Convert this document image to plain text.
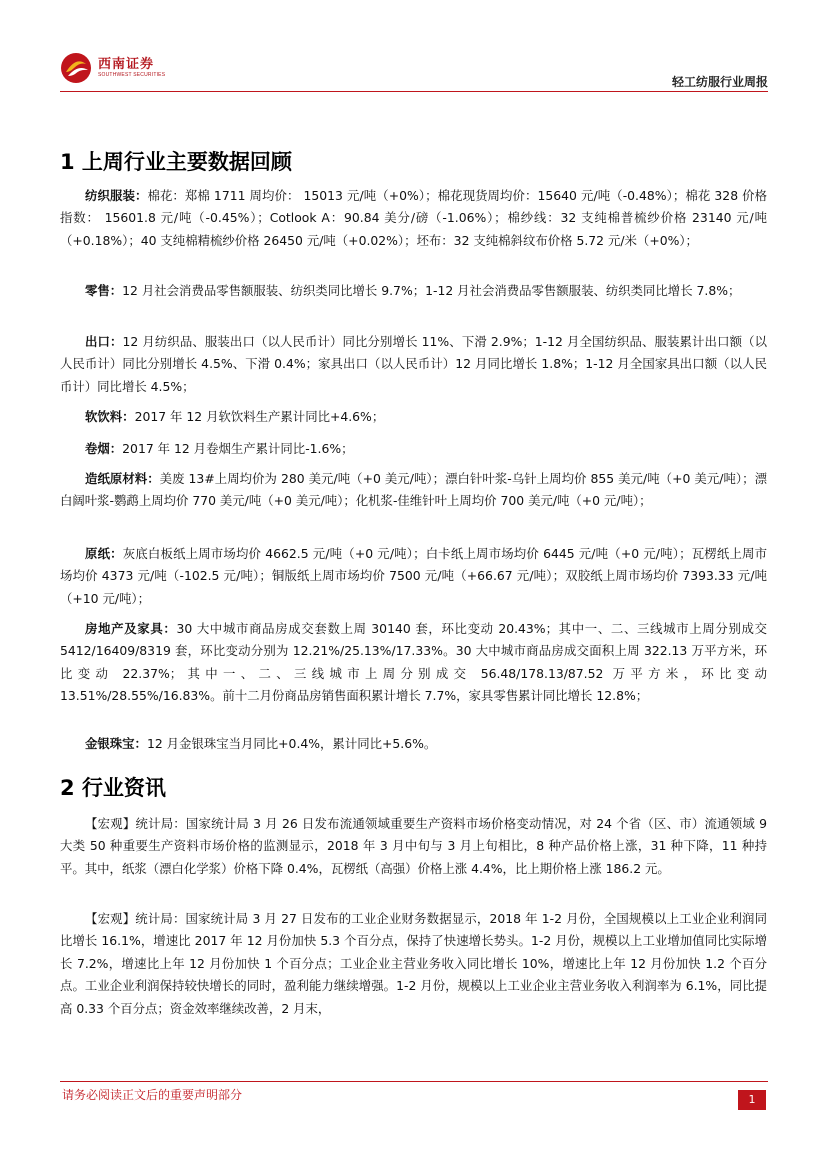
西南证券
SOUTHWEST SECURITIES	轻工纺服行业周报
1 上周行业主要数据回顾
纺织服装：棉花：郑棉 1711 周均价： 15013 元/吨（+0%）；棉花现货周均价：15640 元/吨（-0.48%）；棉花 328 价格指数： 15601.8 元/吨（-0.45%）；Cotlook A：90.84 美分/磅（-1.06%）；棉纱线：32 支纯棉普梳纱价格 23140 元/吨（+0.18%）；40 支纯棉精梳纱价格 26450 元/吨（+0.02%）；坯布：32 支纯棉斜纹布价格 5.72 元/米（+0%）；
零售：12 月社会消费品零售额服装、纺织类同比增长 9.7%；1-12 月社会消费品零售额服装、纺织类同比增长 7.8%；
出口：12 月纺织品、服装出口（以人民币计）同比分别增长 11%、下滑 2.9%；1-12 月全国纺织品、服装累计出口额（以人民币计）同比分别增长 4.5%、下滑 0.4%；家具出口（以人民币计）12 月同比增长 1.8%；1-12 月全国家具出口额（以人民币计）同比增长 4.5%；
软饮料：2017 年 12 月软饮料生产累计同比+4.6%；
卷烟：2017 年 12 月卷烟生产累计同比-1.6%；
造纸原材料：美废 13#上周均价为 280 美元/吨（+0 美元/吨）；漂白针叶浆-乌针上周均价 855 美元/吨（+0 美元/吨）；漂白阔叶浆-鹦鹉上周均价 770 美元/吨（+0 美元/吨）；化机浆-佳维针叶上周均价 700 美元/吨（+0 元/吨）；
原纸：灰底白板纸上周市场均价 4662.5 元/吨（+0 元/吨）；白卡纸上周市场均价 6445 元/吨（+0 元/吨）；瓦楞纸上周市场均价 4373 元/吨（-102.5 元/吨）；铜版纸上周市场均价 7500 元/吨（+66.67 元/吨）；双胶纸上周市场均价 7393.33 元/吨（+10 元/吨）；
房地产及家具：30 大中城市商品房成交套数上周 30140 套，环比变动 20.43%；其中一、二、三线城市上周分别成交 5412/16409/8319 套，环比变动分别为 12.21%/25.13%/17.33%。30 大中城市商品房成交面积上周 322.13 万平方米，环比变动 22.37%；其中一、二、三线城市上周分别成交 56.48/178.13/87.52 万平方米，环比变动 13.51%/28.55%/16.83%。前十二月份商品房销售面积累计增长 7.7%，家具零售累计同比增长 12.8%；
金银珠宝：12 月金银珠宝当月同比+0.4%，累计同比+5.6%。
2 行业资讯
【宏观】统计局：国家统计局 3 月 26 日发布流通领域重要生产资料市场价格变动情况，对 24 个省（区、市）流通领域 9 大类 50 种重要生产资料市场价格的监测显示，2018 年 3 月中旬与 3 月上旬相比，8 种产品价格上涨，31 种下降，11 种持平。其中，纸浆（漂白化学浆）价格下降 0.4%，瓦楞纸（高强）价格上涨 4.4%，比上期价格上涨 186.2 元。
【宏观】统计局：国家统计局 3 月 27 日发布的工业企业财务数据显示，2018 年 1-2 月份，全国规模以上工业企业利润同比增长 16.1%，增速比 2017 年 12 月份加快 5.3 个百分点，保持了快速增长势头。1-2 月份，规模以上工业增加值同比实际增长 7.2%，增速比上年 12 月份加快 1 个百分点；工业企业主营业务收入同比增长 10%，增速比上年 12 月份加快 1.2 个百分点。工业企业利润保持较快增长的同时，盈利能力继续增强。1-2 月份，规模以上工业企业主营业务收入利润率为 6.1%，同比提高 0.33 个百分点；资金效率继续改善，2 月末，
请务必阅读正文后的重要声明部分	1
